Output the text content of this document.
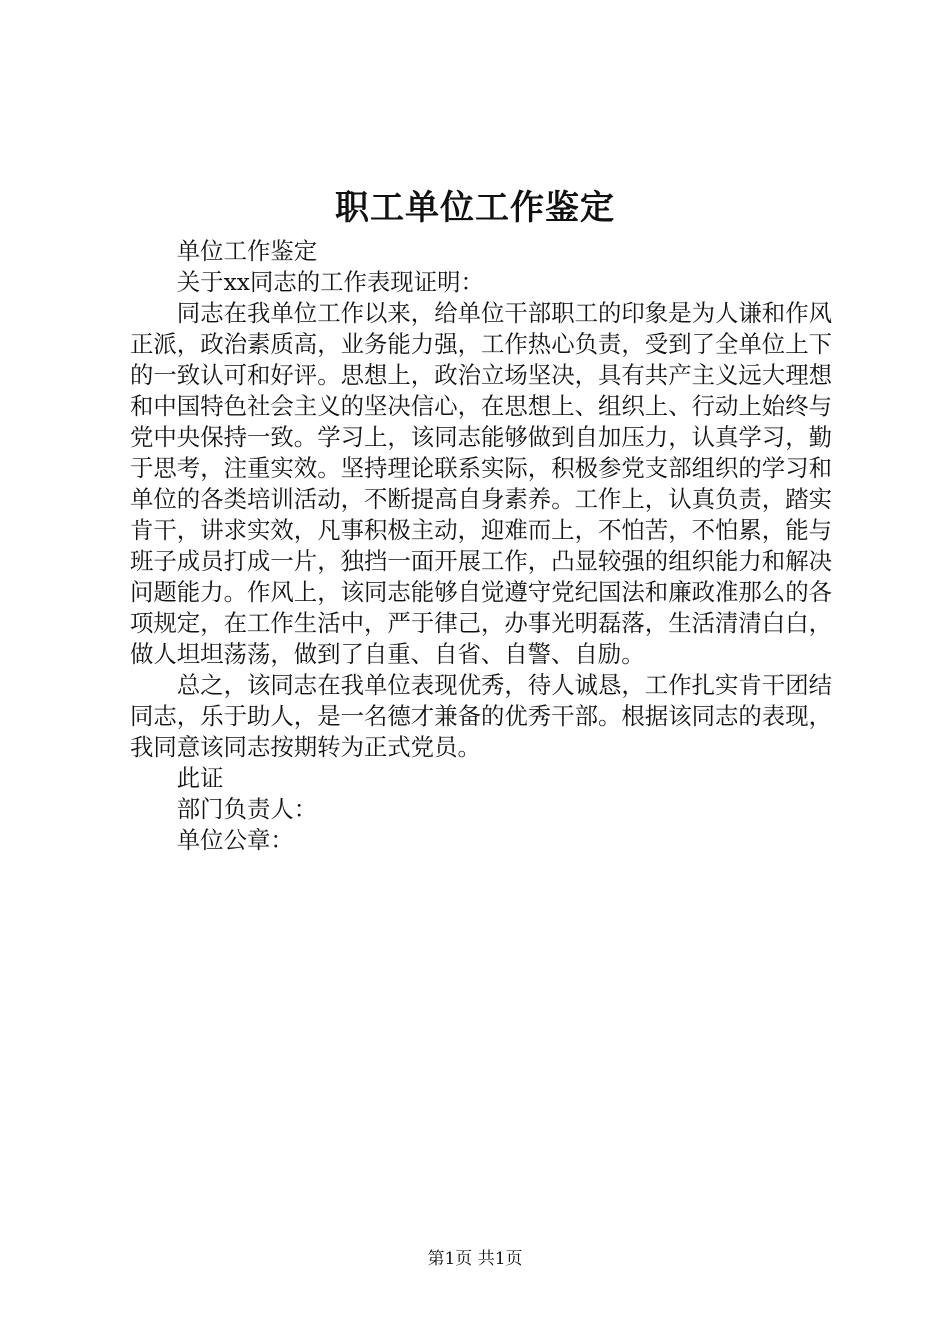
职工单位工作鉴定

单位工作鉴定

关于xx同志的工作表现证明：

同志在我单位工作以来，给单位干部职工的印象是为人谦和作风正派，政治素质高，业务能力强，工作热心负责，受到了全单位上下的一致认可和好评。思想上，政治立场坚决，具有共产主义远大理想和中国特色社会主义的坚决信心，在思想上、组织上、行动上始终与党中央保持一致。学习上，该同志能够做到自加压力，认真学习，勤于思考，注重实效。坚持理论联系实际，积极参党支部组织的学习和单位的各类培训活动，不断提高自身素养。工作上，认真负责，踏实肯干，讲求实效，凡事积极主动，迎难而上，不怕苦，不怕累，能与班子成员打成一片，独挡一面开展工作，凸显较强的组织能力和解决问题能力。作风上，该同志能够自觉遵守党纪国法和廉政准那么的各项规定，在工作生活中，严于律己，办事光明磊落，生活清清白白，做人坦坦荡荡，做到了自重、自省、自警、自励。

总之，该同志在我单位表现优秀，待人诚恳，工作扎实肯干团结同志，乐于助人，是一名德才兼备的优秀干部。根据该同志的表现，我同意该同志按期转为正式党员。

此证

部门负责人：

单位公章：

第1页 共1页
